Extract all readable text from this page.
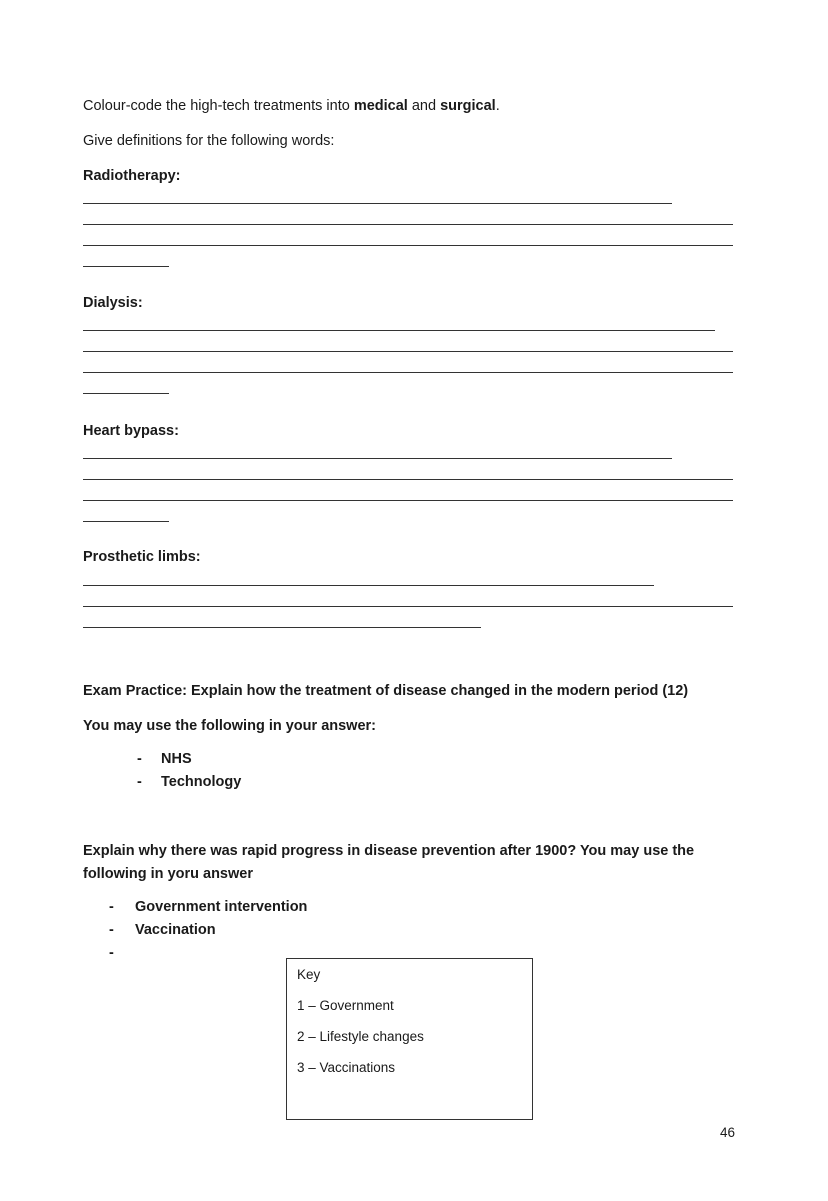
Colour-code the high-tech treatments into medical and surgical.
Give definitions for the following words:
Radiotherapy:
Dialysis:
Heart bypass:
Prosthetic limbs:
Exam Practice: Explain how the treatment of disease changed in the modern period (12)
You may use the following in your answer:
- NHS
- Technology
Explain why there was rapid progress in disease prevention after 1900? You may use the
following in yoru answer
- Government intervention
- Vaccination
-
Key
1 – Government
2 – Lifestyle changes
3 – Vaccinations
46
